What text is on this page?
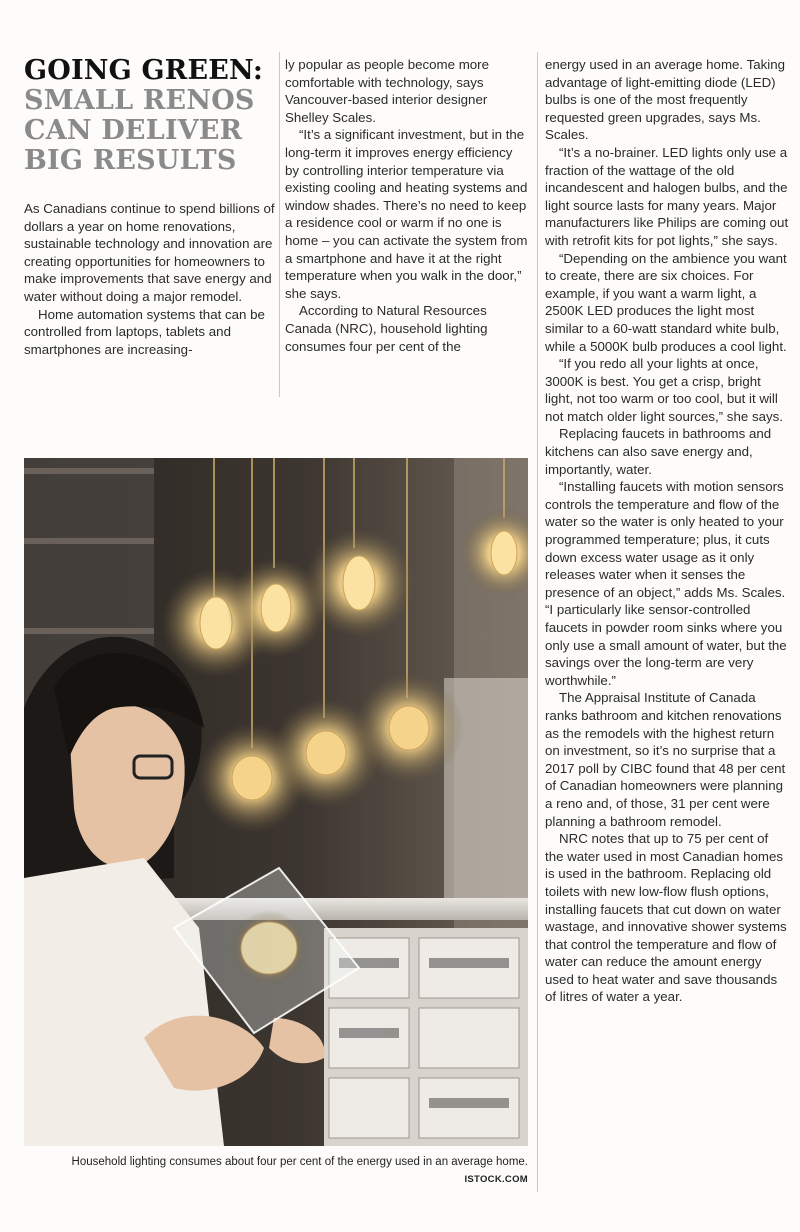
GOING GREEN:
SMALL RENOS CAN DELIVER BIG RESULTS

As Canadians continue to spend billions of dollars a year on home renovations, sustainable technology and innovation are creating opportunities for homeowners to make improvements that save energy and water without doing a major remodel.

Home automation systems that can be controlled from laptops, tablets and smartphones are increasing-

ly popular as people become more comfortable with technology, says Vancouver-based interior designer Shelley Scales.

“It’s a significant investment, but in the long-term it improves energy efficiency by controlling interior temperature via existing cooling and heating systems and window shades. There’s no need to keep a residence cool or warm if no one is home – you can activate the system from a smartphone and have it at the right temperature when you walk in the door,” she says.

According to Natural Resources Canada (NRC), household lighting consumes four per cent of the

energy used in an average home. Taking advantage of light-emitting diode (LED) bulbs is one of the most frequently requested green upgrades, says Ms. Scales.

“It’s a no-brainer. LED lights only use a fraction of the wattage of the old incandescent and halogen bulbs, and the light source lasts for many years. Major manufacturers like Philips are coming out with retrofit kits for pot lights,” she says.

“Depending on the ambience you want to create, there are six choices. For example, if you want a warm light, a 2500K LED produces the light most similar to a 60-watt standard white bulb, while a 5000K bulb produces a cool light.

“If you redo all your lights at once, 3000K is best. You get a crisp, bright light, not too warm or too cool, but it will not match older light sources,” she says.

Replacing faucets in bathrooms and kitchens can also save energy and, importantly, water.

“Installing faucets with motion sensors controls the temperature and flow of the water so the water is only heated to your programmed temperature; plus, it cuts down excess water usage as it only releases water when it senses the presence of an object,” adds Ms. Scales. “I particularly like sensor-controlled faucets in powder room sinks where you only use a small amount of water, but the savings over the long-term are very worthwhile.”

The Appraisal Institute of Canada ranks bathroom and kitchen renovations as the remodels with the highest return on investment, so it’s no surprise that a 2017 poll by CIBC found that 48 per cent of Canadian homeowners were planning a reno and, of those, 31 per cent were planning a bathroom remodel.

NRC notes that up to 75 per cent of the water used in most Canadian homes is used in the bathroom. Replacing old toilets with new low-flow flush options, installing faucets that cut down on water wastage, and innovative shower systems that control the temperature and flow of water can reduce the amount energy used to heat water and save thousands of litres of water a year.

Household lighting consumes about four per cent of the energy used in an average home. ISTOCK.COM
